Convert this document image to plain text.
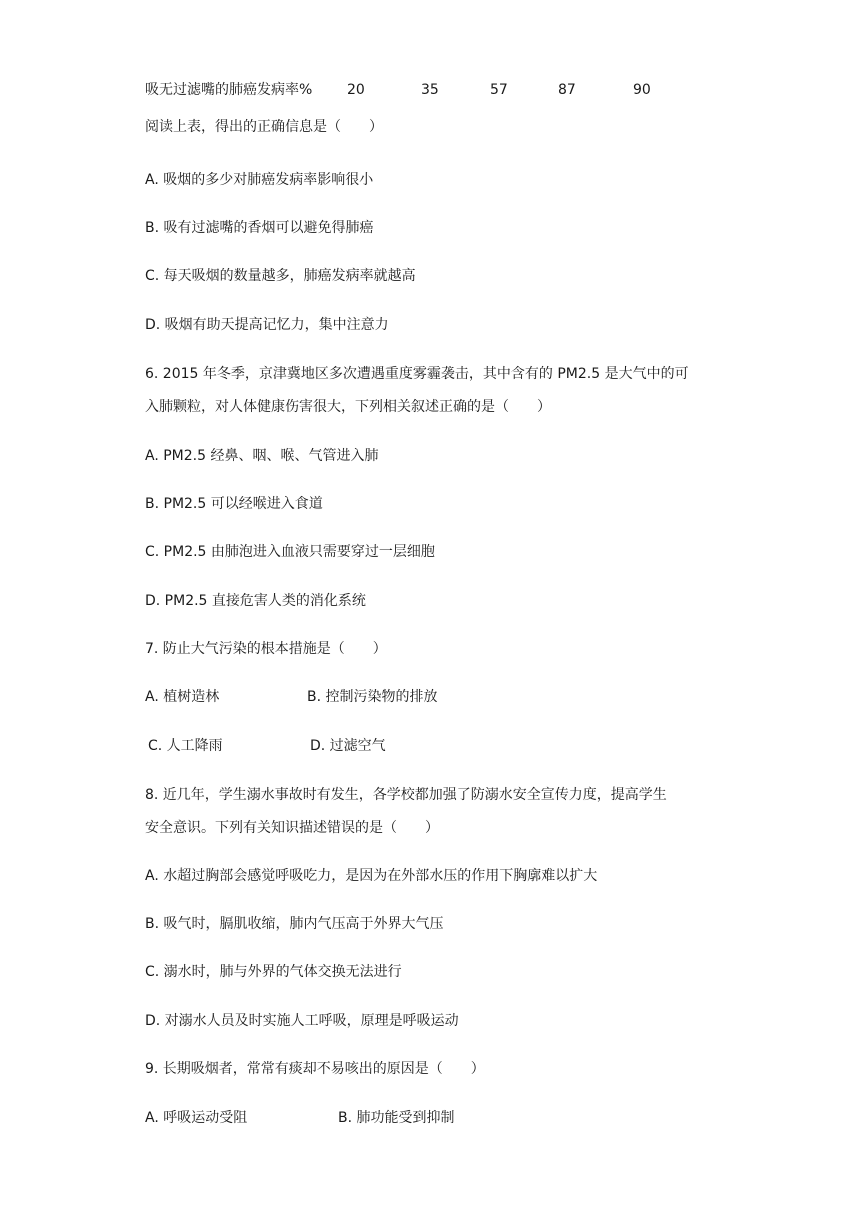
吸无过滤嘴的肺癌发病率% 20	35	57	87	90
阅读上表，得出的正确信息是（　　）
A. 吸烟的多少对肺癌发病率影响很小
B. 吸有过滤嘴的香烟可以避免得肺癌
C. 每天吸烟的数量越多，肺癌发病率就越高
D. 吸烟有助天提高记忆力，集中注意力
6. 2015 年冬季，京津冀地区多次遭遇重度雾霾袭击，其中含有的 PM2.5 是大气中的可
入肺颗粒，对人体健康伤害很大，下列相关叙述正确的是（　　）
A. PM2.5 经鼻、咽、喉、气管进入肺
B. PM2.5 可以经喉进入食道
C. PM2.5 由肺泡进入血液只需要穿过一层细胞
D. PM2.5 直接危害人类的消化系统
7. 防止大气污染的根本措施是（　　）
A. 植树造林	B. 控制污染物的排放
C. 人工降雨	D. 过滤空气
8. 近几年，学生溺水事故时有发生，各学校都加强了防溺水安全宣传力度，提高学生
安全意识。下列有关知识描述错误的是（　　）
A. 水超过胸部会感觉呼吸吃力，是因为在外部水压的作用下胸廓难以扩大
B. 吸气时，膈肌收缩，肺内气压高于外界大气压
C. 溺水时，肺与外界的气体交换无法进行
D. 对溺水人员及时实施人工呼吸，原理是呼吸运动
9. 长期吸烟者，常常有痰却不易咳出的原因是（　　）
A. 呼吸运动受阻	B. 肺功能受到抑制
